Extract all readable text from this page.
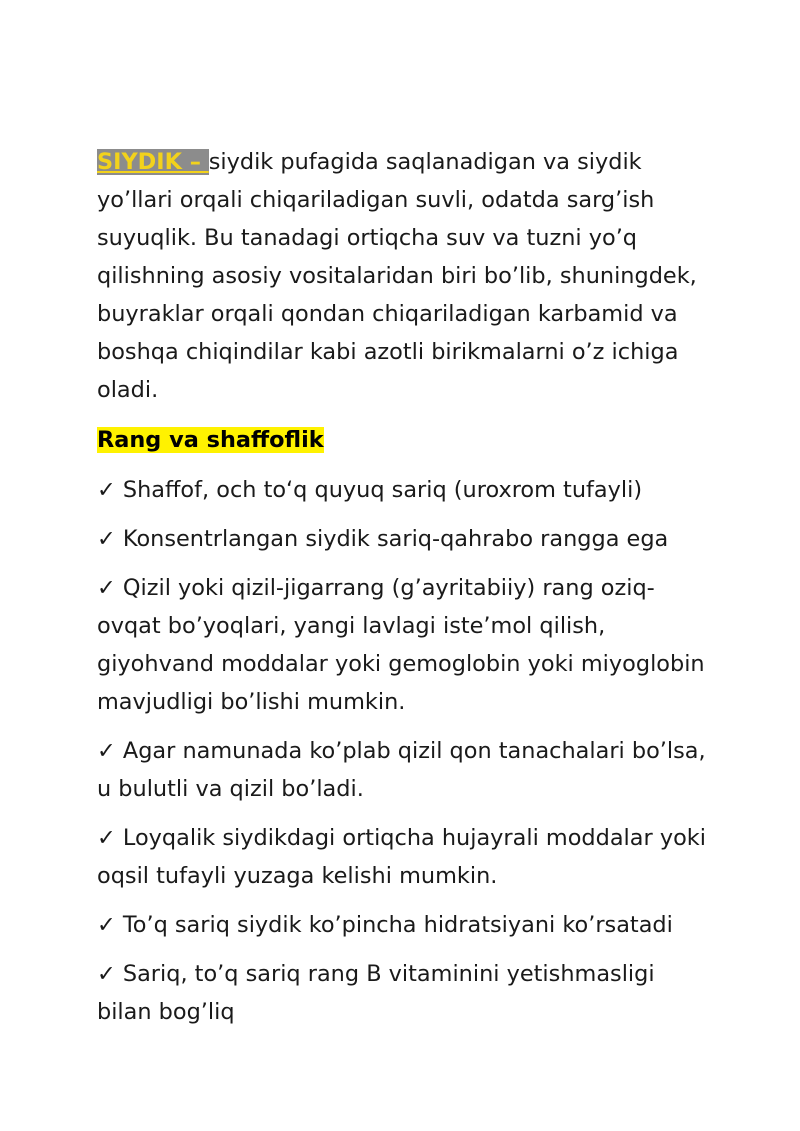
SIYDIK – siydik pufagida saqlanadigan va siydik yo’llari orqali chiqariladigan suvli, odatda sarg’ish suyuqlik. Bu tanadagi ortiqcha suv va tuzni yo’q qilishning asosiy vositalaridan biri bo’lib, shuningdek, buyraklar orqali qondan chiqariladigan karbamid va boshqa chiqindilar kabi azotli birikmalarni o’z ichiga oladi.

Rang va shaffoflik

✓ Shaffof, och to‘q quyuq sariq (uroxrom tufayli)

✓ Konsentrlangan siydik sariq-qahrabo rangga ega

✓ Qizil yoki qizil-jigarrang (g’ayritabiiy) rang oziq-ovqat bo’yoqlari, yangi lavlagi iste’mol qilish, giyohvand moddalar yoki gemoglobin yoki miyoglobin mavjudligi bo’lishi mumkin.

✓ Agar namunada ko’plab qizil qon tanachalari bo’lsa, u bulutli va qizil bo’ladi.

✓ Loyqalik siydikdagi ortiqcha hujayrali moddalar yoki oqsil tufayli yuzaga kelishi mumkin.

✓ To’q sariq siydik ko’pincha hidratsiyani ko’rsatadi

✓ Sariq, to’q sariq rang B vitaminini yetishmasligi bilan bog’liq
